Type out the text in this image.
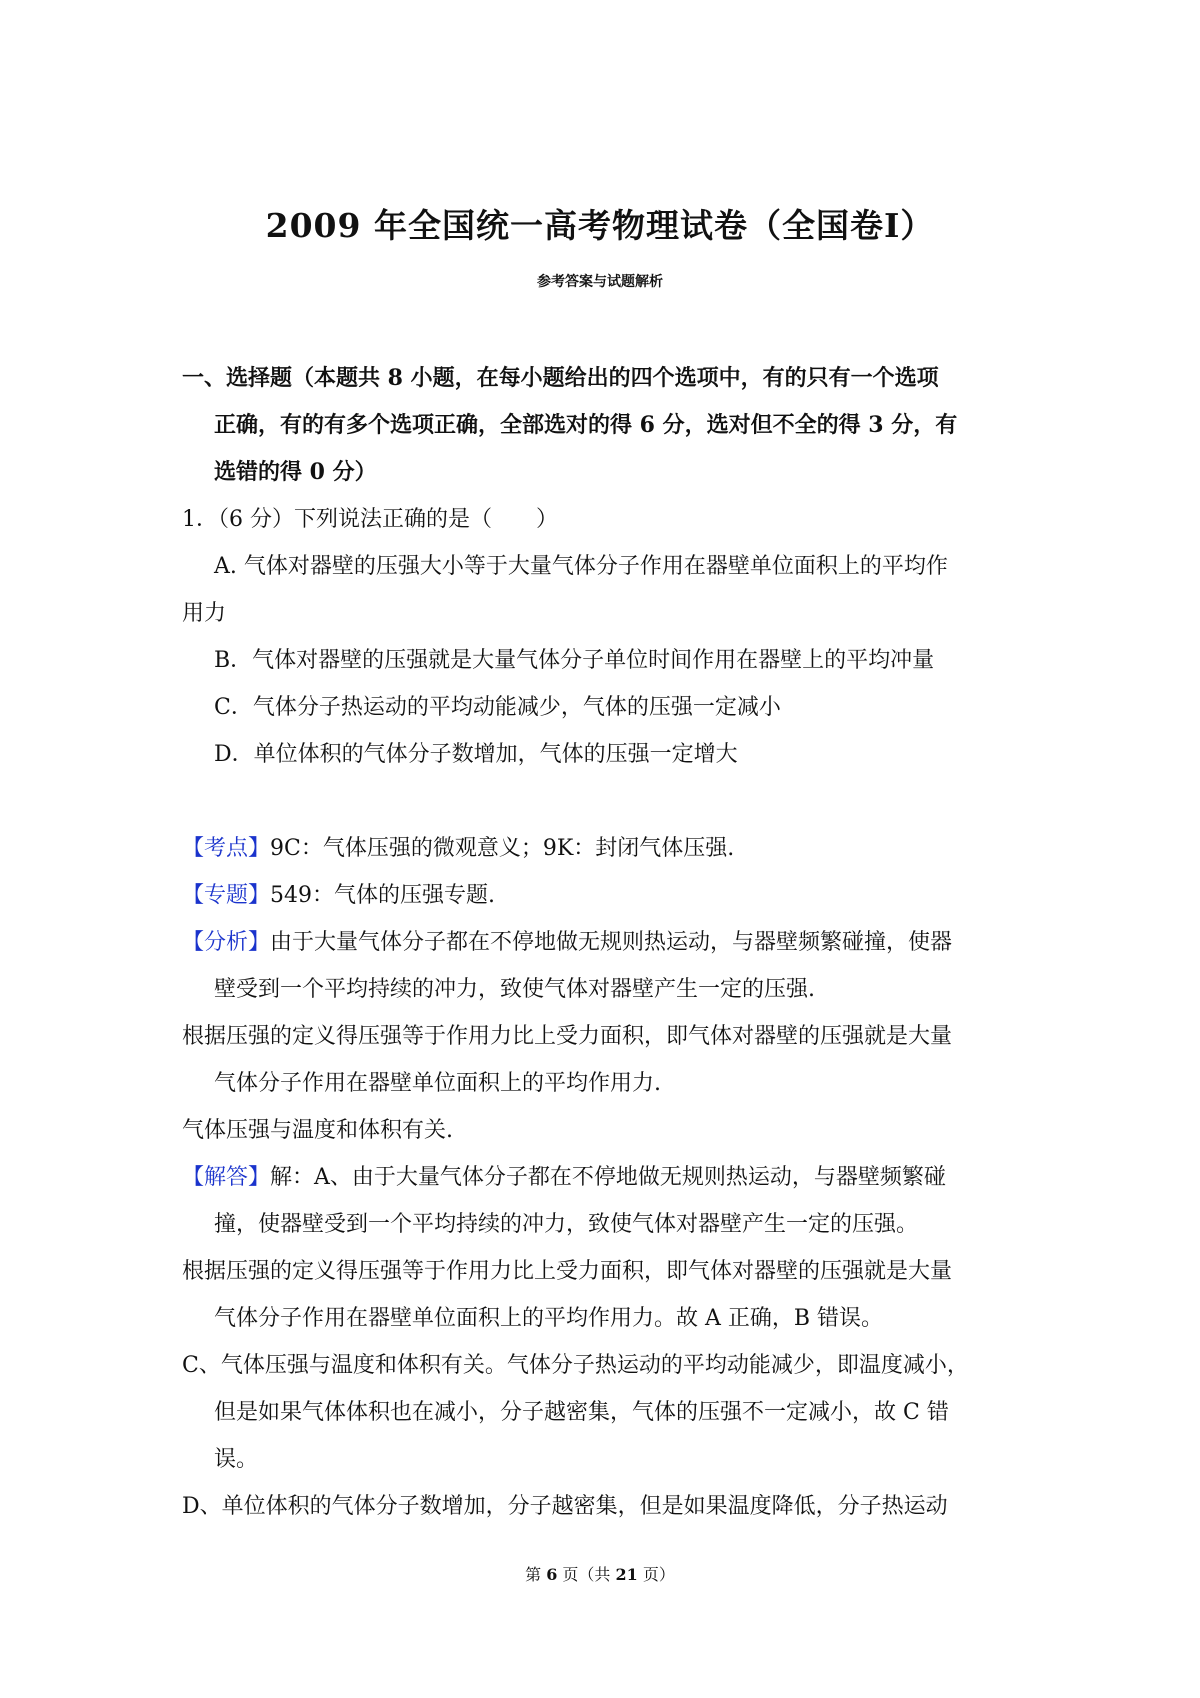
2009 年全国统一高考物理试卷（全国卷Ⅰ）
参考答案与试题解析
一、选择题（本题共 8 小题，在每小题给出的四个选项中，有的只有一个选项
正确，有的有多个选项正确，全部选对的得 6 分，选对但不全的得 3 分，有
选错的得 0 分）
1．（6 分）下列说法正确的是（　　）
A. 气体对器壁的压强大小等于大量气体分子作用在器壁单位面积上的平均作
用力
B．气体对器壁的压强就是大量气体分子单位时间作用在器壁上的平均冲量
C．气体分子热运动的平均动能减少，气体的压强一定减小
D．单位体积的气体分子数增加，气体的压强一定增大
【考点】9C：气体压强的微观意义；9K：封闭气体压强.
【专题】549：气体的压强专题.
【分析】由于大量气体分子都在不停地做无规则热运动，与器壁频繁碰撞，使器
壁受到一个平均持续的冲力，致使气体对器壁产生一定的压强.
根据压强的定义得压强等于作用力比上受力面积，即气体对器壁的压强就是大量
气体分子作用在器壁单位面积上的平均作用力.
气体压强与温度和体积有关.
【解答】解：A、由于大量气体分子都在不停地做无规则热运动，与器壁频繁碰
撞，使器壁受到一个平均持续的冲力，致使气体对器壁产生一定的压强。
根据压强的定义得压强等于作用力比上受力面积，即气体对器壁的压强就是大量
气体分子作用在器壁单位面积上的平均作用力。故 A 正确，B 错误。
C、气体压强与温度和体积有关。气体分子热运动的平均动能减少，即温度减小，
但是如果气体体积也在减小，分子越密集，气体的压强不一定减小，故 C 错
误。
D、单位体积的气体分子数增加，分子越密集，但是如果温度降低，分子热运动
第 6 页（共 21 页）
